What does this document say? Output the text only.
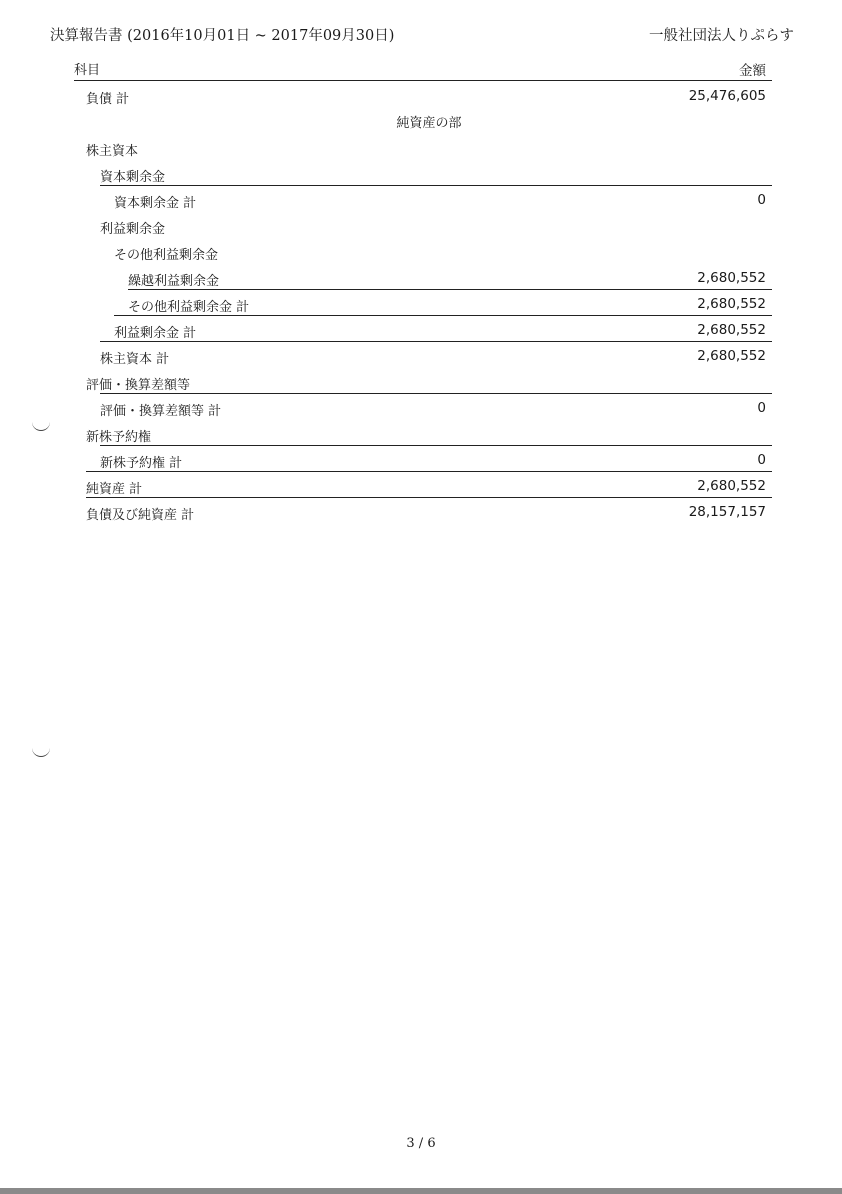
決算報告書 (2016年10月01日 ~ 2017年09月30日)	一般社団法人りぷらす
科目	金額
負債 計	25,476,605
純資産の部
株主資本
資本剰余金
資本剰余金 計	0
利益剰余金
その他利益剰余金
繰越利益剰余金	2,680,552
その他利益剰余金 計	2,680,552
利益剰余金 計	2,680,552
株主資本 計	2,680,552
評価・換算差額等
評価・換算差額等 計	0
新株予約権
新株予約権 計	0
純資産 計	2,680,552
負債及び純資産 計	28,157,157
3 / 6
